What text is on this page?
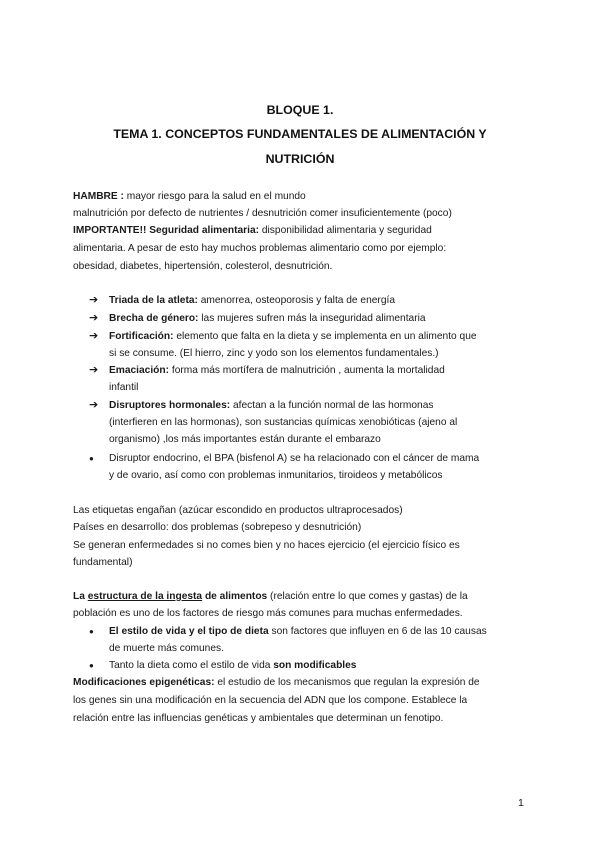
BLOQUE 1.
TEMA 1. CONCEPTOS FUNDAMENTALES DE ALIMENTACIÓN Y
NUTRICIÓN
HAMBRE : mayor riesgo para la salud en el mundo
malnutrición por defecto de nutrientes / desnutrición comer insuficientemente (poco)
IMPORTANTE!! Seguridad alimentaria: disponibilidad alimentaria y seguridad
alimentaria. A pesar de esto hay muchos problemas alimentario como por ejemplo:
obesidad, diabetes, hipertensión, colesterol, desnutrición.
➔	Triada de la atleta: amenorrea, osteoporosis y falta de energía
➔	Brecha de género: las mujeres sufren más la inseguridad alimentaria
➔	Fortificación: elemento que falta en la dieta y se implementa en un alimento que
si se consume. (El hierro, zinc y yodo son los elementos fundamentales.)
➔	Emaciación: forma más mortífera de malnutrición , aumenta la mortalidad
infantil
➔	Disruptores hormonales: afectan a la función normal de las hormonas
(interfieren en las hormonas), son sustancias químicas xenobióticas (ajeno al
organismo) ,los más importantes están durante el embarazo
●	Disruptor endocrino, el BPA (bisfenol A) se ha relacionado con el cáncer de mama
y de ovario, así como con problemas inmunitarios, tiroideos y metabólicos
Las etiquetas engañan (azúcar escondido en productos ultraprocesados)
Países en desarrollo: dos problemas (sobrepeso y desnutrición)
Se generan enfermedades si no comes bien y no haces ejercicio (el ejercicio físico es
fundamental)
La estructura de la ingesta de alimentos (relación entre lo que comes y gastas) de la
población es uno de los factores de riesgo más comunes para muchas enfermedades.
●	El estilo de vida y el tipo de dieta son factores que influyen en 6 de las 10 causas
de muerte más comunes.
●	Tanto la dieta como el estilo de vida son modificables
Modificaciones epigenéticas: el estudio de los mecanismos que regulan la expresión de
los genes sin una modificación en la secuencia del ADN que los compone. Establece la
relación entre las influencias genéticas y ambientales que determinan un fenotipo.
1
